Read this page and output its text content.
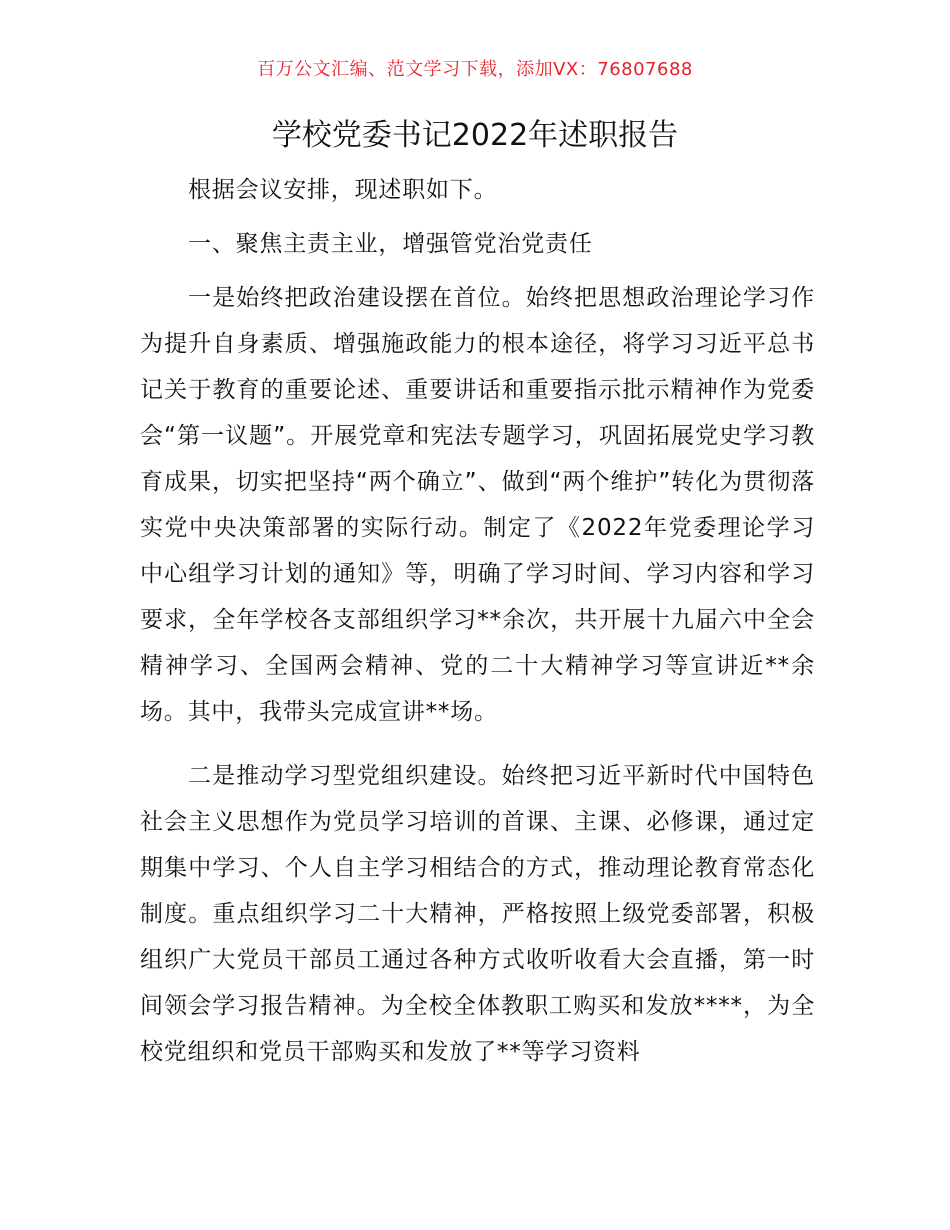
百万公文汇编、范文学习下载，添加VX：76807688
学校党委书记2022年述职报告

根据会议安排，现述职如下。

一、聚焦主责主业，增强管党治党责任

一是始终把政治建设摆在首位。始终把思想政治理论学习作为提升自身素质、增强施政能力的根本途径，将学习习近平总书记关于教育的重要论述、重要讲话和重要指示批示精神作为党委会“第一议题”。开展党章和宪法专题学习，巩固拓展党史学习教育成果，切实把坚持“两个确立”、做到“两个维护”转化为贯彻落实党中央决策部署的实际行动。制定了《2022年党委理论学习中心组学习计划的通知》等，明确了学习时间、学习内容和学习要求，全年学校各支部组织学习**余次，共开展十九届六中全会精神学习、全国两会精神、党的二十大精神学习等宣讲近**余场。其中，我带头完成宣讲**场。

二是推动学习型党组织建设。始终把习近平新时代中国特色社会主义思想作为党员学习培训的首课、主课、必修课，通过定期集中学习、个人自主学习相结合的方式，推动理论教育常态化制度。重点组织学习二十大精神，严格按照上级党委部署，积极组织广大党员干部员工通过各种方式收听收看大会直播，第一时间领会学习报告精神。为全校全体教职工购买和发放****，为全校党组织和党员干部购买和发放了**等学习资料
